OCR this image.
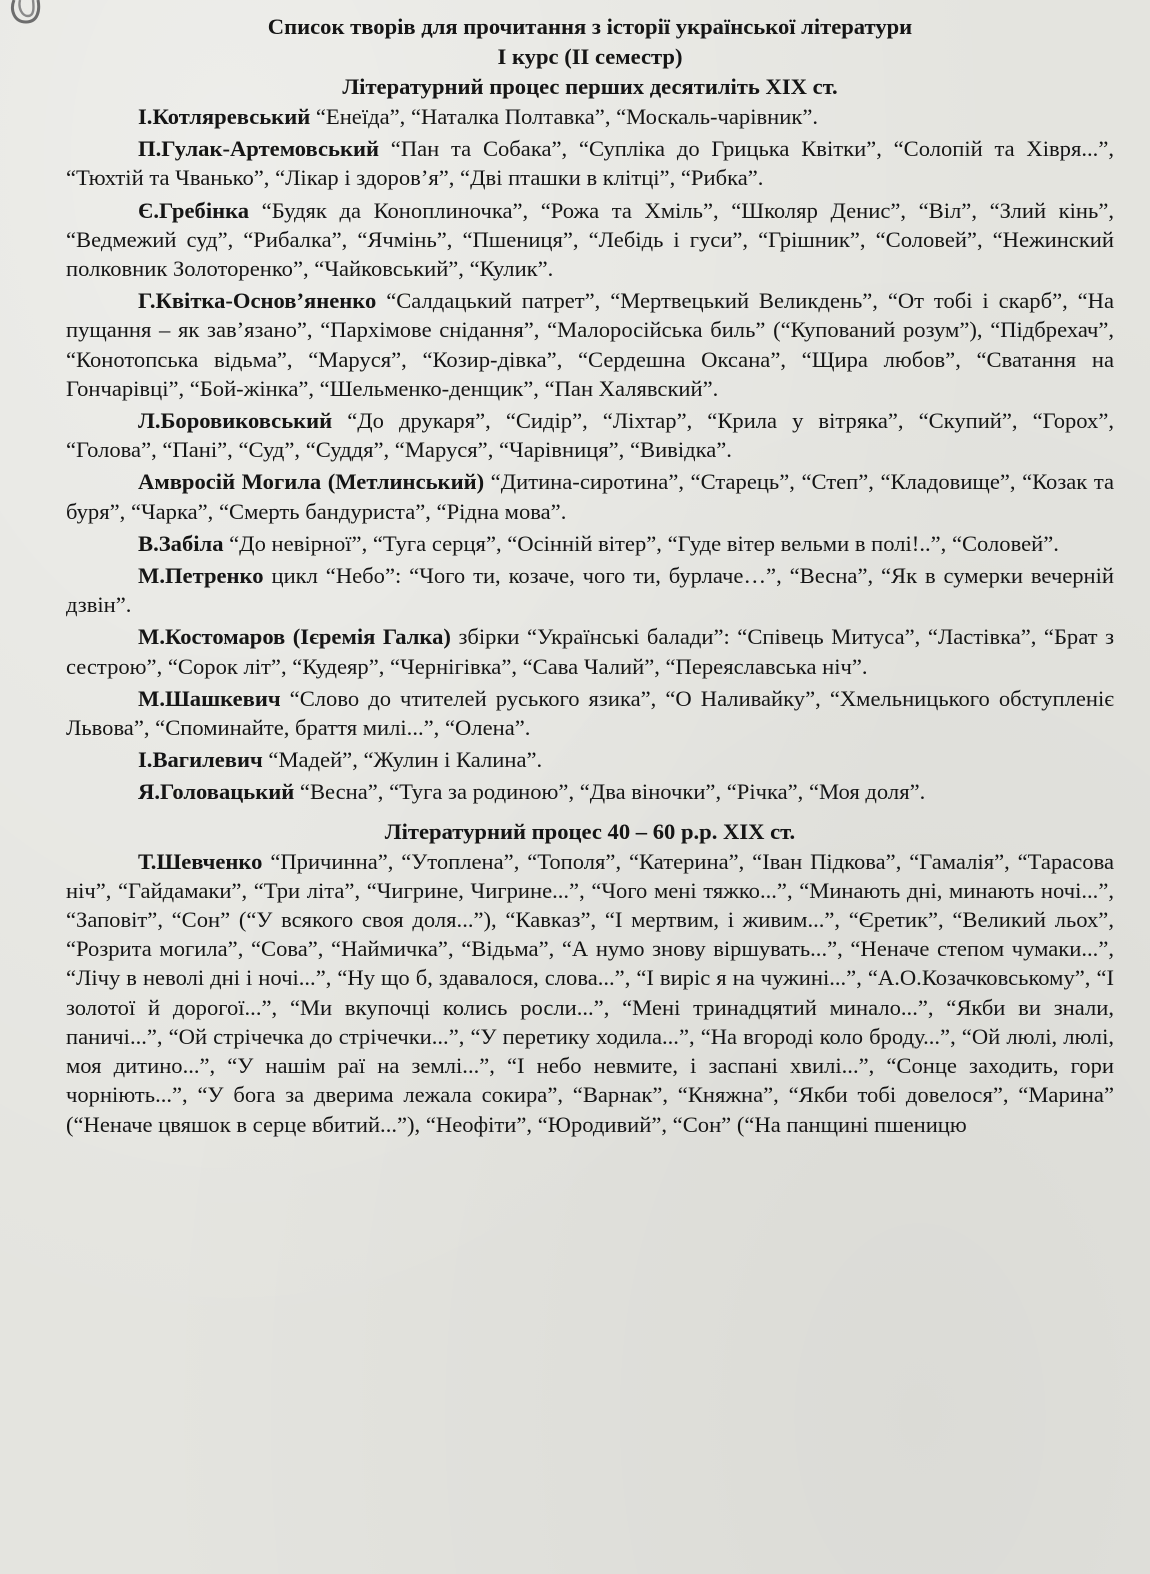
Список творів для прочитання з історії української літератури

І курс (ІІ семестр)

Літературний процес перших десятиліть ХІХ ст.

І.Котляревський “Енеїда”, “Наталка Полтавка”, “Москаль-чарівник”.

П.Гулак-Артемовський “Пан та Собака”, “Супліка до Грицька Квітки”, “Солопій та Хівря...”, “Тюхтій та Чванько”, “Лікар і здоров’я”, “Дві пташки в клітці”, “Рибка”.

Є.Гребінка “Будяк да Коноплиночка”, “Рожа та Хміль”, “Школяр Денис”, “Віл”, “Злий кінь”, “Ведмежий суд”, “Рибалка”, “Ячмінь”, “Пшениця”, “Лебідь і гуси”, “Грішник”, “Соловей”, “Нежинский полковник Золоторенко”, “Чайковський”, “Кулик”.

Г.Квітка-Основ’яненко “Салдацький патрет”, “Мертвецький Великдень”, “От тобі і скарб”, “На пущання – як зав’язано”, “Пархімове снідання”, “Малоросійська биль” (“Купований розум”), “Підбрехач”, “Конотопська відьма”, “Маруся”, “Козир-дівка”, “Сердешна Оксана”, “Щира любов”, “Сватання на Гончарівці”, “Бой-жінка”, “Шельменко-денщик”, “Пан Халявский”.

Л.Боровиковський “До друкаря”, “Сидір”, “Ліхтар”, “Крила у вітряка”, “Скупий”, “Горох”, “Голова”, “Пані”, “Суд”, “Суддя”, “Маруся”, “Чарівниця”, “Вивідка”.

Амвросій Могила (Метлинський) “Дитина-сиротина”, “Старець”, “Степ”, “Кладовище”, “Козак та буря”, “Чарка”, “Смерть бандуриста”, “Рідна мова”.

В.Забіла “До невірної”, “Туга серця”, “Осінній вітер”, “Гуде вітер вельми в полі!..”, “Соловей”.

М.Петренко цикл “Небо”: “Чого ти, козаче, чого ти, бурлаче…”, “Весна”, “Як в сумерки вечерній дзвін”.

М.Костомаров (Ієремія Галка) збірки “Українські балади”: “Співець Митуса”, “Ластівка”, “Брат з сестрою”, “Сорок літ”, “Кудеяр”, “Чернігівка”, “Сава Чалий”, “Переяславська ніч”.

М.Шашкевич “Слово до чтителей руського язика”, “О Наливайку”, “Хмельницького обступленіє Львова”, “Споминайте, браття милі...”, “Олена”.

І.Вагилевич “Мадей”, “Жулин і Калина”.

Я.Головацький “Весна”, “Туга за родиною”, “Два віночки”, “Річка”, “Моя доля”.

Літературний процес 40 – 60 р.р. ХІХ ст.

Т.Шевченко “Причинна”, “Утоплена”, “Тополя”, “Катерина”, “Іван Підкова”, “Гамалія”, “Тарасова ніч”, “Гайдамаки”, “Три літа”, “Чигрине, Чигрине...”, “Чого мені тяжко...”, “Минають дні, минають ночі...”, “Заповіт”, “Сон” (“У всякого своя доля...”), “Кавказ”, “І мертвим, і живим...”, “Єретик”, “Великий льох”, “Розрита могила”, “Сова”, “Наймичка”, “Відьма”, “А нумо знову віршувать...”, “Неначе степом чумаки...”, “Лічу в неволі дні і ночі...”, “Ну що б, здавалося, слова...”, “І виріс я на чужині...”, “А.О.Козачковському”, “І золотої й дорогої...”, “Ми вкупочці колись росли...”, “Мені тринадцятий минало...”, “Якби ви знали, паничі...”, “Ой стрічечка до стрічечки...”, “У перетику ходила...”, “На вгороді коло броду...”, “Ой люлі, люлі, моя дитино...”, “У нашім раї на землі...”, “І небо невмите, і заспані хвилі...”, “Сонце заходить, гори чорніють...”, “У бога за дверима лежала сокира”, “Варнак”, “Княжна”, “Якби тобі довелося”, “Марина” (“Неначе цвяшок в серце вбитий...”), “Неофіти”, “Юродивий”, “Сон” (“На панщині пшеницю
